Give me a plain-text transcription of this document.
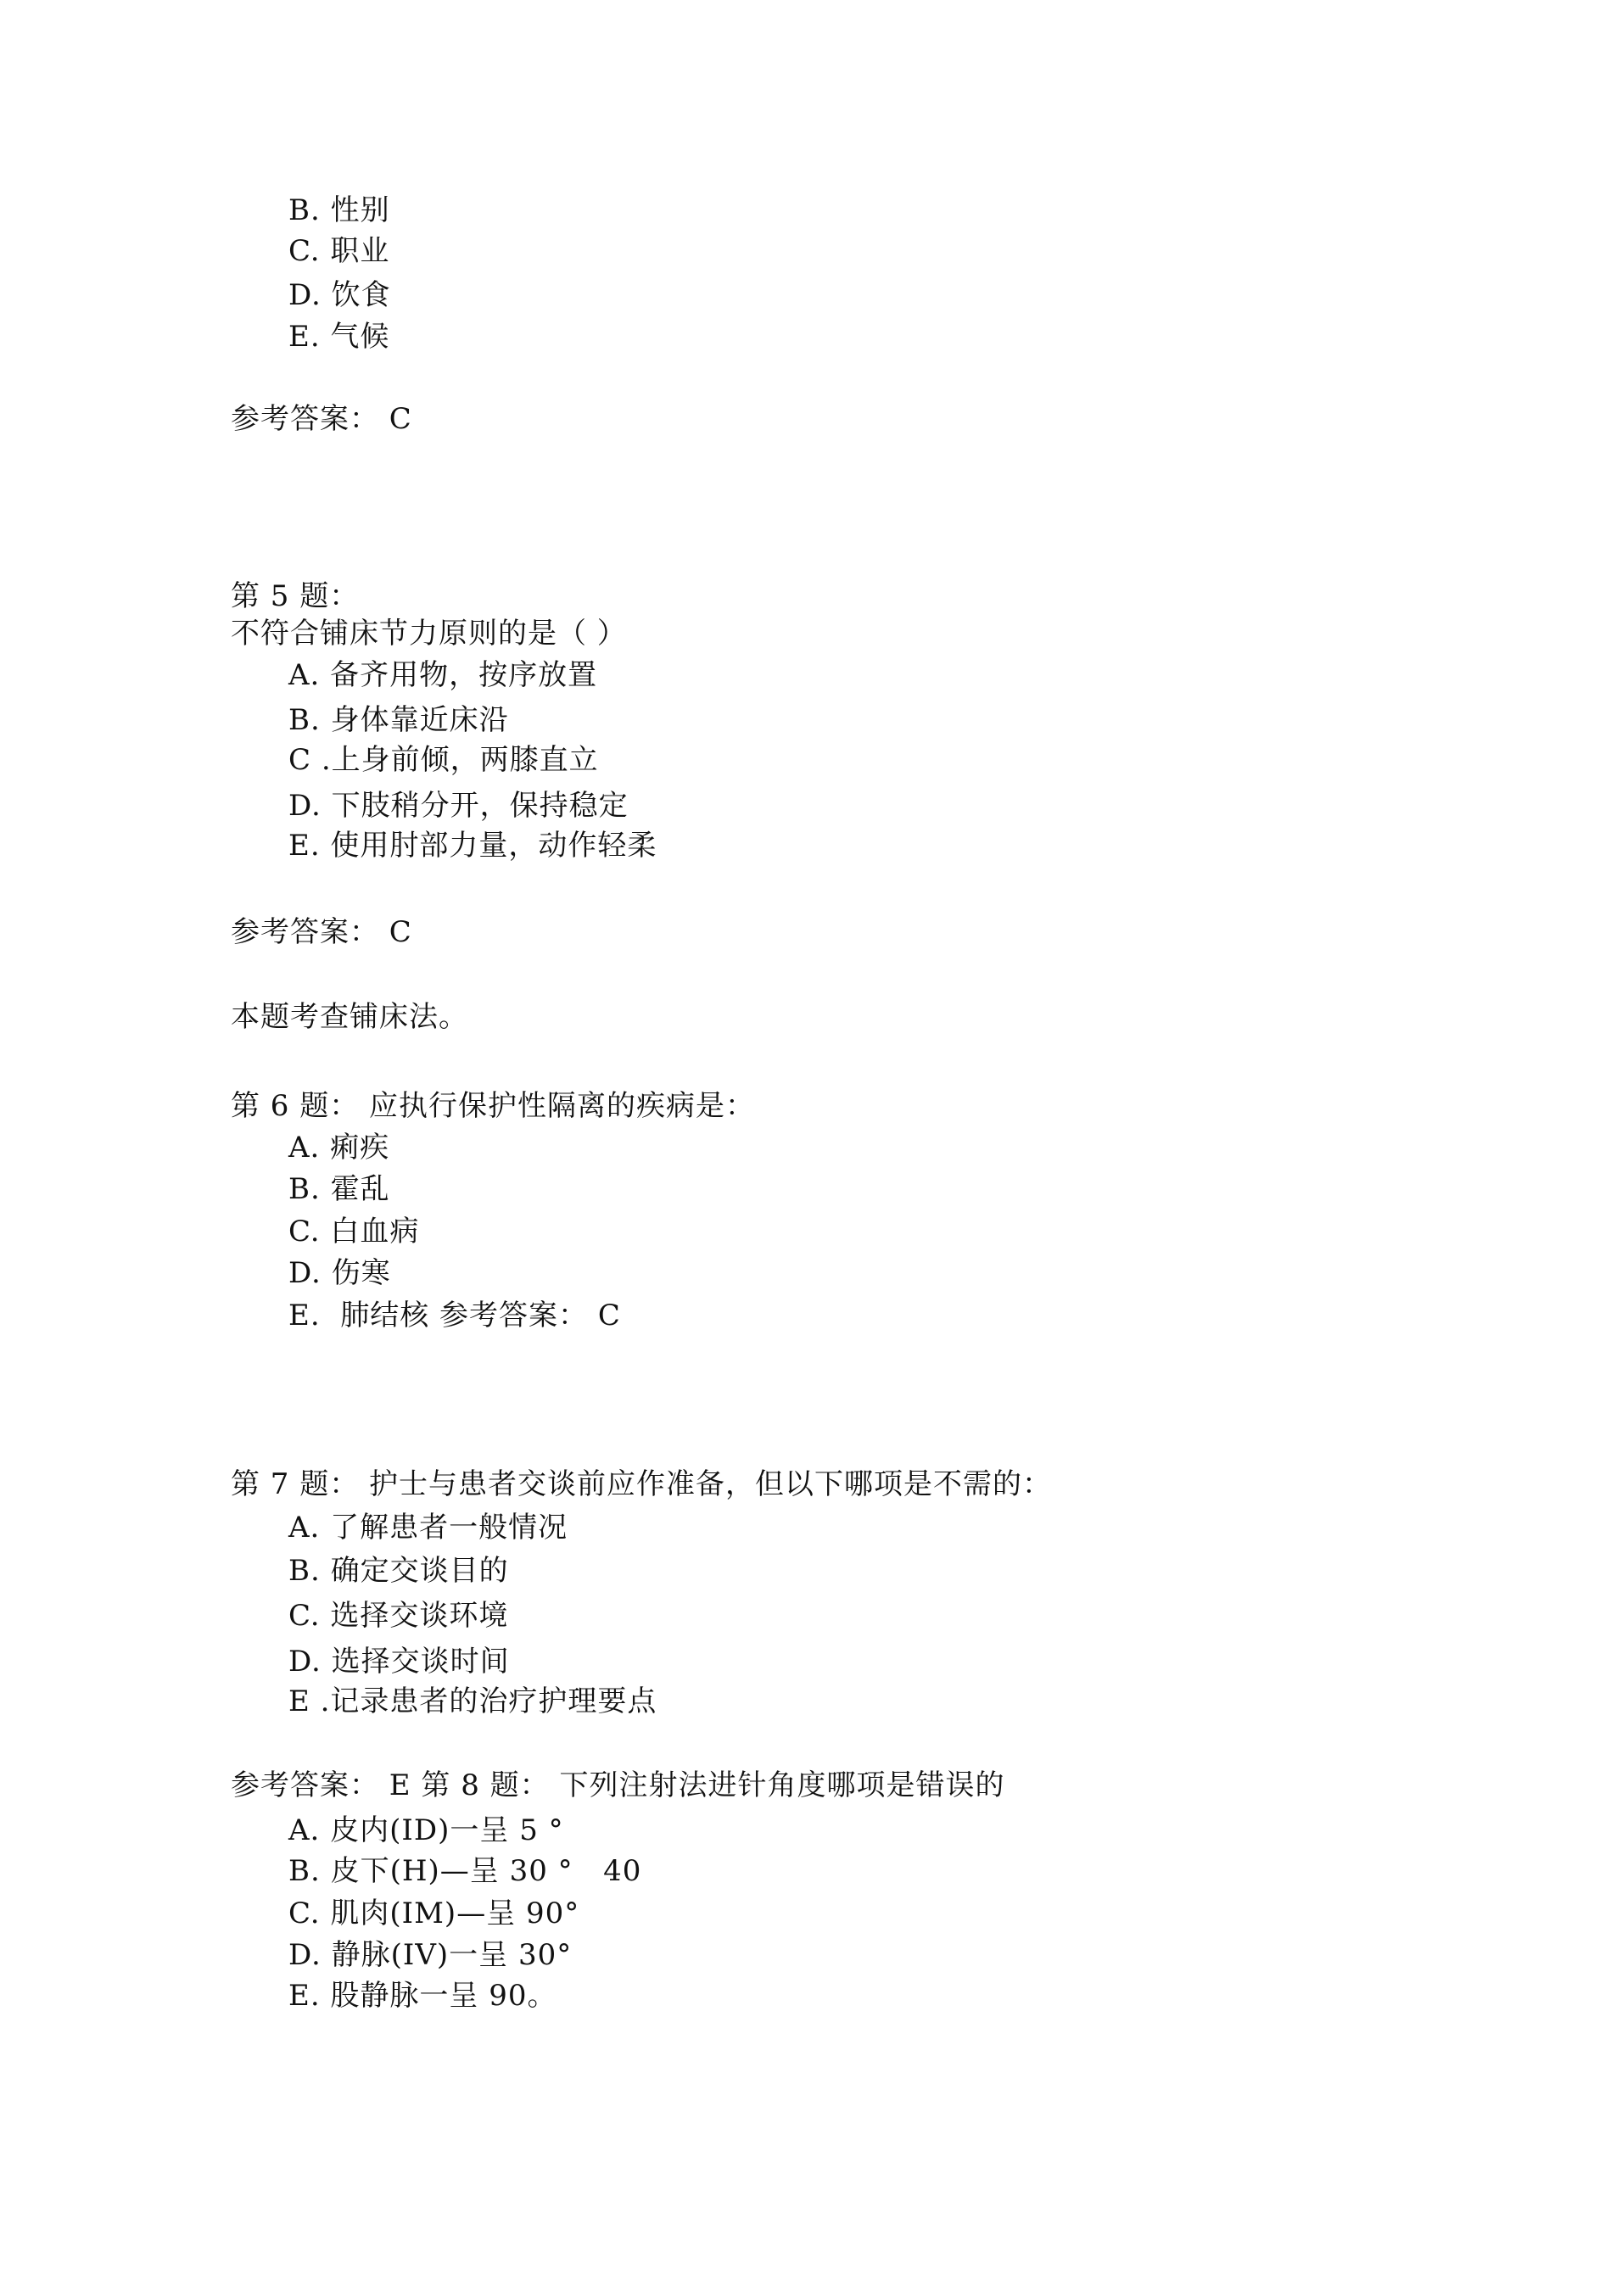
B. 性别
C. 职业
D. 饮食
E. 气候
参考答案： C
第 5 题：
不符合铺床节力原则的是（ ）
A. 备齐用物，按序放置
B. 身体靠近床沿
C .上身前倾，两膝直立
D. 下肢稍分开，保持稳定
E. 使用肘部力量，动作轻柔
参考答案： C
本题考查铺床法。
第 6 题： 应执行保护性隔离的疾病是：
A. 痢疾
B. 霍乱
C. 白血病
D. 伤寒
E.  肺结核 参考答案： C
第 7 题： 护士与患者交谈前应作准备，但以下哪项是不需的：
A. 了解患者一般情况
B. 确定交谈目的
C. 选择交谈环境
D. 选择交谈时间
E .记录患者的治疗护理要点
参考答案： E 第 8 题： 下列注射法进针角度哪项是错误的
A. 皮内(ID)一呈 5 °
B. 皮下(H)—呈 30 °   40
C. 肌肉(IM)—呈 90°
D. 静脉(IV)一呈 30°
E. 股静脉一呈 90。
